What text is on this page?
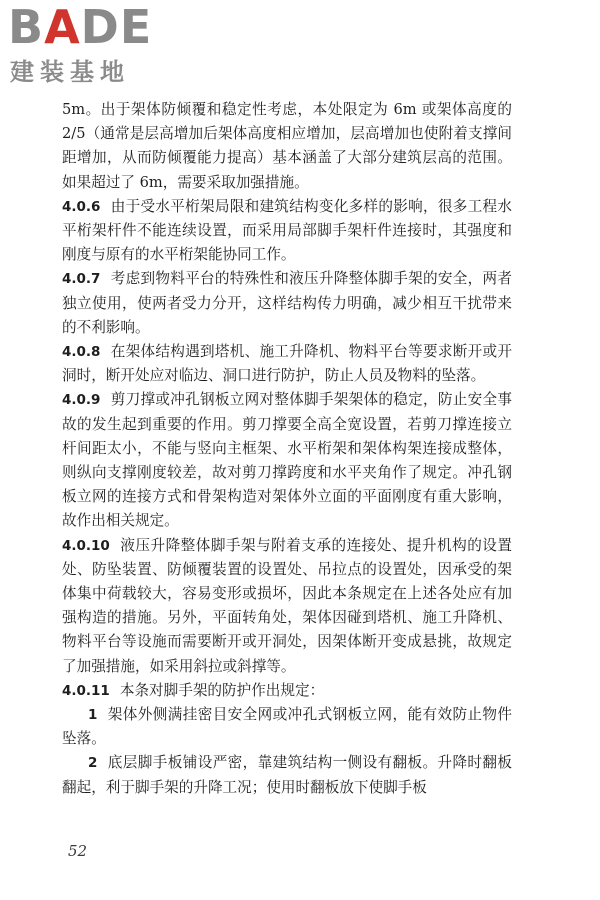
BADE
建装基地

5m。出于架体防倾覆和稳定性考虑，本处限定为 6m 或架体高度的 2/5（通常是层高增加后架体高度相应增加，层高增加也使附着支撑间距增加，从而防倾覆能力提高）基本涵盖了大部分建筑层高的范围。如果超过了 6m，需要采取加强措施。

4.0.6 由于受水平桁架局限和建筑结构变化多样的影响，很多工程水平桁架杆件不能连续设置，而采用局部脚手架杆件连接时，其强度和刚度与原有的水平桁架能协同工作。

4.0.7 考虑到物料平台的特殊性和液压升降整体脚手架的安全，两者独立使用，使两者受力分开，这样结构传力明确，减少相互干扰带来的不利影响。

4.0.8 在架体结构遇到塔机、施工升降机、物料平台等要求断开或开洞时，断开处应对临边、洞口进行防护，防止人员及物料的坠落。

4.0.9 剪刀撑或冲孔钢板立网对整体脚手架架体的稳定，防止安全事故的发生起到重要的作用。剪刀撑要全高全宽设置，若剪刀撑连接立杆间距太小，不能与竖向主框架、水平桁架和架体构架连接成整体，则纵向支撑刚度较差，故对剪刀撑跨度和水平夹角作了规定。冲孔钢板立网的连接方式和骨架构造对架体外立面的平面刚度有重大影响，故作出相关规定。

4.0.10 液压升降整体脚手架与附着支承的连接处、提升机构的设置处、防坠装置、防倾覆装置的设置处、吊拉点的设置处，因承受的架体集中荷载较大，容易变形或损坏，因此本条规定在上述各处应有加强构造的措施。另外，平面转角处，架体因碰到塔机、施工升降机、物料平台等设施而需要断开或开洞处，因架体断开变成悬挑，故规定了加强措施，如采用斜拉或斜撑等。

4.0.11 本条对脚手架的防护作出规定：

1 架体外侧满挂密目安全网或冲孔式钢板立网，能有效防止物件坠落。

2 底层脚手板铺设严密，靠建筑结构一侧设有翻板。升降时翻板翻起，利于脚手架的升降工况；使用时翻板放下使脚手板

52
